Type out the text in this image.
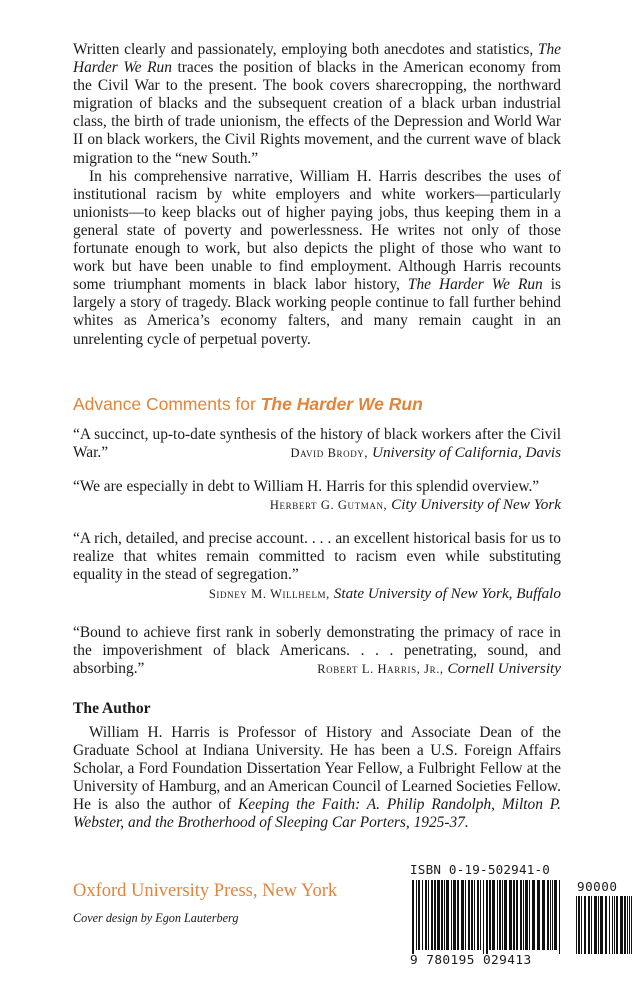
Written clearly and passionately, employing both anecdotes and statistics, The Harder We Run traces the position of blacks in the American economy from the Civil War to the present. The book covers sharecropping, the northward migration of blacks and the subsequent creation of a black urban industrial class, the birth of trade unionism, the effects of the Depression and World War II on black workers, the Civil Rights movement, and the current wave of black migration to the “new South.”

In his comprehensive narrative, William H. Harris describes the uses of institutional racism by white employers and white workers—particularly unionists—to keep blacks out of higher paying jobs, thus keeping them in a general state of poverty and powerlessness. He writes not only of those fortunate enough to work, but also depicts the plight of those who want to work but have been unable to find employment. Although Harris recounts some triumphant moments in black labor history, The Harder We Run is largely a story of tragedy. Black working people continue to fall further behind whites as America’s economy falters, and many remain caught in an unrelenting cycle of perpetual poverty.

Advance Comments for The Harder We Run
“A succinct, up-to-date synthesis of the history of black workers after the Civil War.”	David Brody, University of California, Davis
“We are especially in debt to William H. Harris for this splendid overview.”
Herbert G. Gutman, City University of New York
“A rich, detailed, and precise account. . . . an excellent historical basis for us to realize that whites remain committed to racism even while substituting equality in the stead of segregation.”
Sidney M. Willhelm, State University of New York, Buffalo
“Bound to achieve first rank in soberly demonstrating the primacy of race in the impoverishment of black Americans. . . . penetrating, sound, and absorbing.”	Robert L. Harris, Jr., Cornell University
The Author
William H. Harris is Professor of History and Associate Dean of the Graduate School at Indiana University. He has been a U.S. Foreign Affairs Scholar, a Ford Foundation Dissertation Year Fellow, a Fulbright Fellow at the University of Hamburg, and an American Council of Learned Societies Fellow. He is also the author of Keeping the Faith: A. Philip Randolph, Milton P. Webster, and the Brotherhood of Sleeping Car Porters, 1925-37.
Oxford University Press, New York
Cover design by Egon Lauterberg
ISBN 0-19-502941-0
90000
9 780195 029413
